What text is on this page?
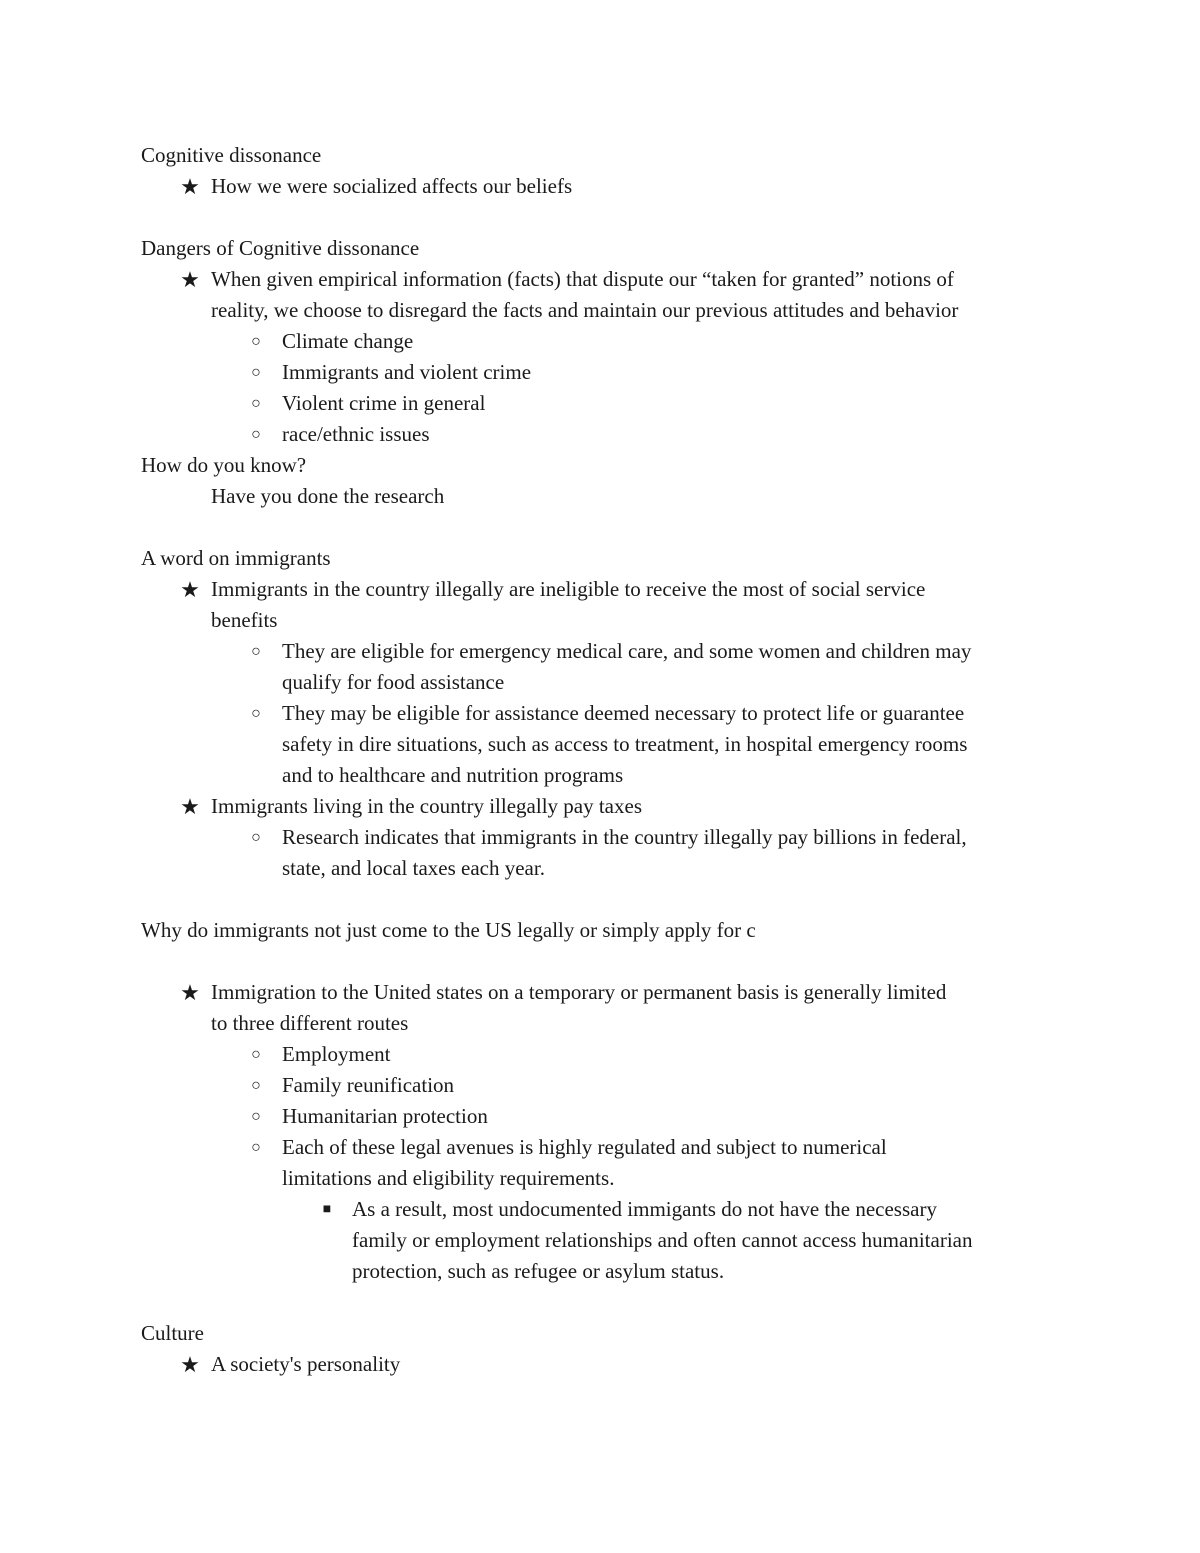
Cognitive dissonance
★ How we were socialized affects our beliefs
Dangers of Cognitive dissonance
★ When given empirical information (facts) that dispute our “taken for granted” notions of
reality, we choose to disregard the facts and maintain our previous attitudes and behavior
○	Climate change
○	Immigrants and violent crime
○	Violent crime in general
○	race/ethnic issues
How do you know?
Have you done the research
A word on immigrants
★ Immigrants in the country illegally are ineligible to receive the most of social service
benefits
○	They are eligible for emergency medical care, and some women and children may
qualify for food assistance
○	They may be eligible for assistance deemed necessary to protect life or guarantee
safety in dire situations, such as access to treatment, in hospital emergency rooms
and to healthcare and nutrition programs
★ Immigrants living in the country illegally pay taxes
○	Research indicates that immigrants in the country illegally pay billions in federal,
state, and local taxes each year.
Why do immigrants not just come to the US legally or simply apply for c
★ Immigration to the United states on a temporary or permanent basis is generally limited
to three different routes
○	Employment
○	Family reunification
○	Humanitarian protection
○	Each of these legal avenues is highly regulated and subject to numerical
limitations and eligibility requirements.
■ As a result, most undocumented immigants do not have the necessary
family or employment relationships and often cannot access humanitarian
protection, such as refugee or asylum status.
Culture
★ A society's personality
